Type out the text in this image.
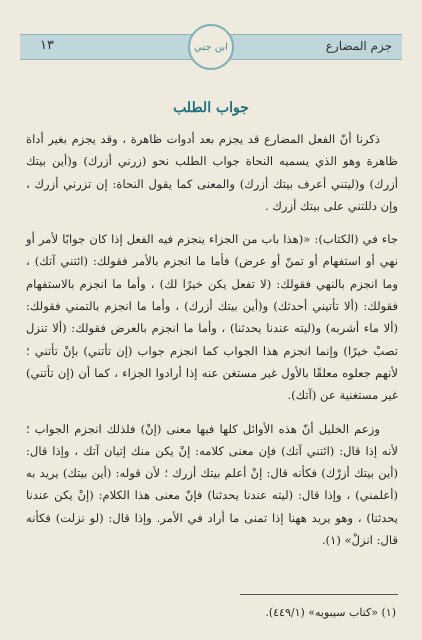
جزم المضارع
١٣	ابن جني
جواب الطلب

ذكرنا أنّ الفعل المضارع قد يجزم بعد أدوات ظاهرة ، وقد يجزم بغير أداة ظاهرة وهو الذي يسميه النحاة جواب الطلب نحو (زرني أزرك) و(أين بيتك أزرك) و(ليتني أعرف بيتك أزرك) والمعنى كما يقول النحاة: إن تزرني أزرك ، وإن دللتني على بيتك أزرك .

جاء في (الكتاب): «(هذا باب من الجزاء ينجزم فيه الفعل إذا كان جوابًا لأمر أو نهي أو استفهام أو تمنّ أو عرض) فأما ما انجزم بالأمر فقولك: (ائتني آتك) ، وما انجزم بالنهي فقولك: (لا تفعل يكن خيرًا لك) ، وأما ما انجزم بالاستفهام فقولك: (ألا تأتيني أحدثك) و(أين بيتك أزرك) ، وأما ما انجزم بالتمني فقولك: (ألا ماء أشربه) و(ليته عندنا يحدثنا) ، وأما ما انجزم بالعرض فقولك: (ألا تنزل تصبْ خيرًا) وإنما انجزم هذا الجواب كما انجزم جواب (إن تأتني) بإنْ تأتني ؛ لأنهم جعلوه معلقًا بالأول غير مستغن عنه إذا أرادوا الجزاء ، كما أن (إن تأتني) غير مستغنية عن (آتك).

وزعم الخليل أنّ هذه الأوائل كلها فيها معنى (إنْ) فلذلك انجزم الجواب ؛ لأنه إذا قال: (ائتني آتك) فإن معنى كلامه: إنْ يكن منك إتيان آتك ، وإذا قال: (أين بيتك أزرْك) فكأنه قال: إنْ أعلم بيتك أزرك ؛ لأن قوله: (أين بيتك) يريد به (أعلمني) ، وإذا قال: (ليته عندنا يحدثنا) فإنّ معنى هذا الكلام: (إنْ يكن عندنا يحدثنا) ، وهو يريد ههنا إذا تمنى ما أراد في الأمر. وإذا قال: (لو نزلت) فكأنه قال: انزلْ» (١).

(١) «كتاب سيبويه» (٤٤٩/١).
